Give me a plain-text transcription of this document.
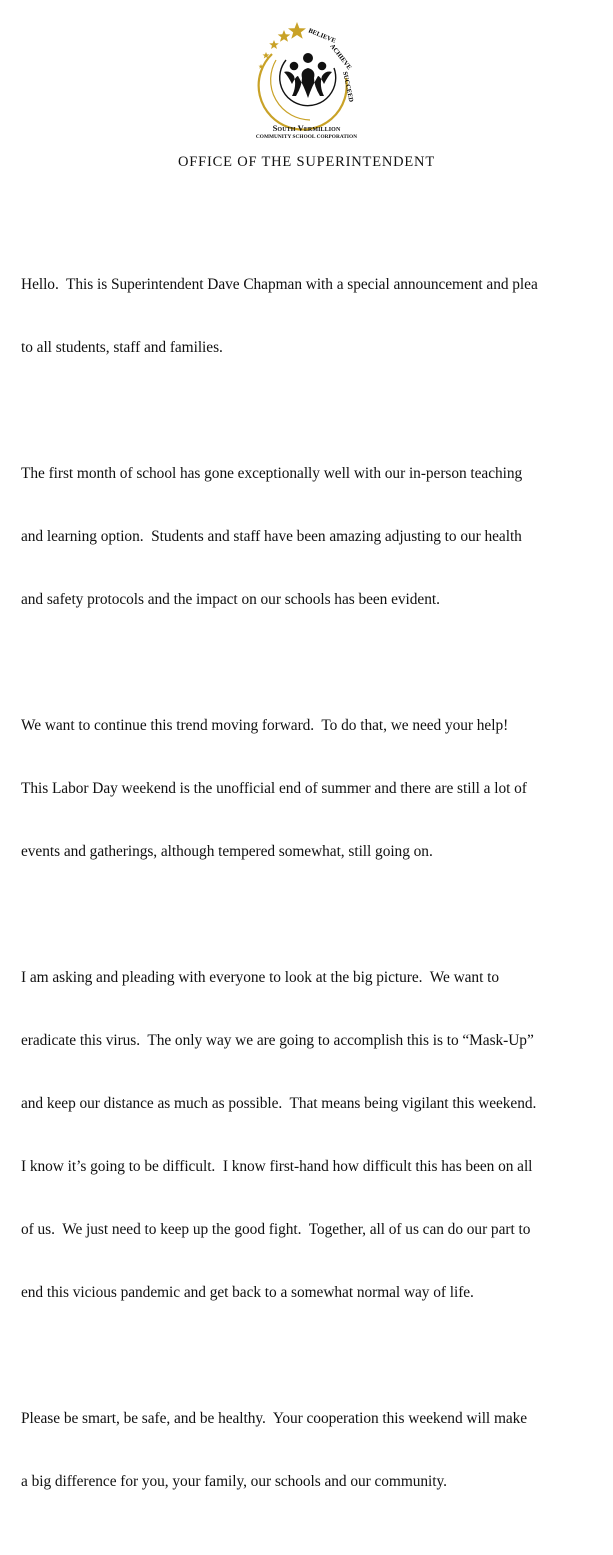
BELIEVE
ACHIEVE
SUCCEED
South Vermillion
COMMUNITY SCHOOL CORPORATION
OFFICE OF THE SUPERINTENDENT

Hello.  This is Superintendent Dave Chapman with a special announcement and plea

to all students, staff and families.

The first month of school has gone exceptionally well with our in-person teaching

and learning option.  Students and staff have been amazing adjusting to our health

and safety protocols and the impact on our schools has been evident.

We want to continue this trend moving forward.  To do that, we need your help!

This Labor Day weekend is the unofficial end of summer and there are still a lot of

events and gatherings, although tempered somewhat, still going on.

I am asking and pleading with everyone to look at the big picture.  We want to

eradicate this virus.  The only way we are going to accomplish this is to “Mask-Up”

and keep our distance as much as possible.  That means being vigilant this weekend.

I know it’s going to be difficult.  I know first-hand how difficult this has been on all

of us.  We just need to keep up the good fight.  Together, all of us can do our part to

end this vicious pandemic and get back to a somewhat normal way of life.

Please be smart, be safe, and be healthy.  Your cooperation this weekend will make

a big difference for you, your family, our schools and our community.
